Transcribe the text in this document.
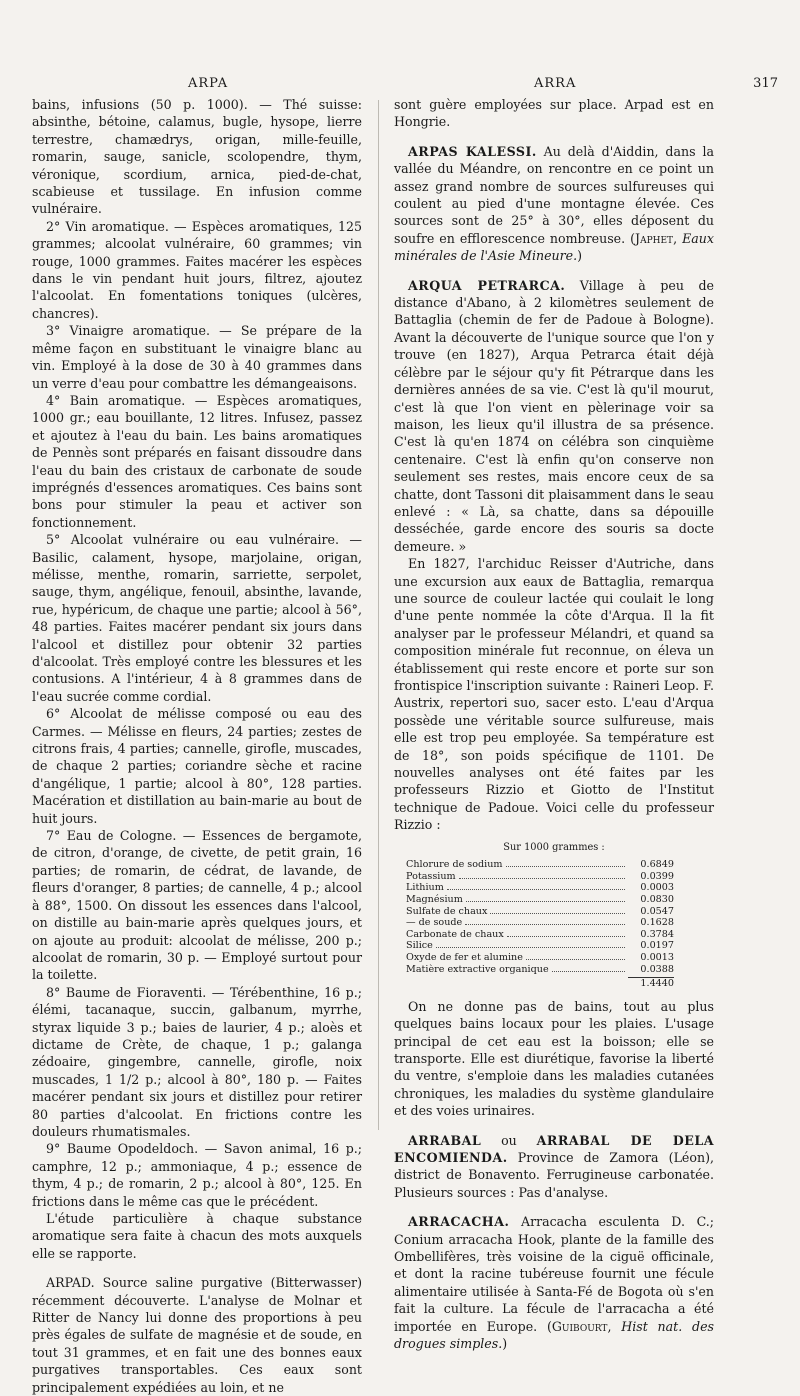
ARPA	ARRA	317

bains, infusions (50 p. 1000). — Thé suisse: absinthe, bétoine, calamus, bugle, hysope, lierre terrestre, chamædrys, origan, mille-feuille, romarin, sauge, sanicle, scolopendre, thym, véronique, scordium, arnica, pied-de-chat, scabieuse et tussilage. En infusion comme vulnéraire.

2° Vin aromatique. — Espèces aromatiques, 125 grammes; alcoolat vulnéraire, 60 grammes; vin rouge, 1000 grammes. Faites macérer les espèces dans le vin pendant huit jours, filtrez, ajoutez l'alcoolat. En fomentations toniques (ulcères, chancres).

3° Vinaigre aromatique. — Se prépare de la même façon en substituant le vinaigre blanc au vin. Employé à la dose de 30 à 40 grammes dans un verre d'eau pour combattre les démangeaisons.

4° Bain aromatique. — Espèces aromatiques, 1000 gr.; eau bouillante, 12 litres. Infusez, passez et ajoutez à l'eau du bain. Les bains aromatiques de Pennès sont préparés en faisant dissoudre dans l'eau du bain des cristaux de carbonate de soude imprégnés d'essences aromatiques. Ces bains sont bons pour stimuler la peau et activer son fonctionnement.

5° Alcoolat vulnéraire ou eau vulnéraire. — Basilic, calament, hysope, marjolaine, origan, mélisse, menthe, romarin, sarriette, serpolet, sauge, thym, angélique, fenouil, absinthe, lavande, rue, hypéricum, de chaque une partie; alcool à 56°, 48 parties. Faites macérer pendant six jours dans l'alcool et distillez pour obtenir 32 parties d'alcoolat. Très employé contre les blessures et les contusions. A l'intérieur, 4 à 8 grammes dans de l'eau sucrée comme cordial.

6° Alcoolat de mélisse composé ou eau des Carmes. — Mélisse en fleurs, 24 parties; zestes de citrons frais, 4 parties; cannelle, girofle, muscades, de chaque 2 parties; coriandre sèche et racine d'angélique, 1 partie; alcool à 80°, 128 parties. Macération et distillation au bain-marie au bout de huit jours.

7° Eau de Cologne. — Essences de bergamote, de citron, d'orange, de civette, de petit grain, 16 parties; de romarin, de cédrat, de lavande, de fleurs d'oranger, 8 parties; de cannelle, 4 p.; alcool à 88°, 1500. On dissout les essences dans l'alcool, on distille au bain-marie après quelques jours, et on ajoute au produit: alcoolat de mélisse, 200 p.; alcoolat de romarin, 30 p. — Employé surtout pour la toilette.

8° Baume de Fioraventi. — Térébenthine, 16 p.; élémi, tacanaque, succin, galbanum, myrrhe, styrax liquide 3 p.; baies de laurier, 4 p.; aloès et dictame de Crète, de chaque, 1 p.; galanga zédoaire, gingembre, cannelle, girofle, noix muscades, 1 1/2 p.; alcool à 80°, 180 p. — Faites macérer pendant six jours et distillez pour retirer 80 parties d'alcoolat. En frictions contre les douleurs rhumatismales.

9° Baume Opodeldoch. — Savon animal, 16 p.; camphre, 12 p.; ammoniaque, 4 p.; essence de thym, 4 p.; de romarin, 2 p.; alcool à 80°, 125. En frictions dans le même cas que le précédent.

L'étude particulière à chaque substance aromatique sera faite à chacun des mots auxquels elle se rapporte.

ARPAD. Source saline purgative (Bitterwasser) récemment découverte. L'analyse de Molnar et Ritter de Nancy lui donne des proportions à peu près égales de sulfate de magnésie et de soude, en tout 31 grammes, et en fait une des bonnes eaux purgatives transportables. Ces eaux sont principalement expédiées au loin, et ne

sont guère employées sur place. Arpad est en Hongrie.

ARPAS KALESSI. Au delà d'Aiddin, dans la vallée du Méandre, on rencontre en ce point un assez grand nombre de sources sulfureuses qui coulent au pied d'une montagne élevée. Ces sources sont de 25° à 30°, elles déposent du soufre en efflorescence nombreuse. (Japhet, Eaux minérales de l'Asie Mineure.)

ARQUA PETRARCA. Village à peu de distance d'Abano, à 2 kilomètres seulement de Battaglia (chemin de fer de Padoue à Bologne). Avant la découverte de l'unique source que l'on y trouve (en 1827), Arqua Petrarca était déjà célèbre par le séjour qu'y fit Pétrarque dans les dernières années de sa vie. C'est là qu'il mourut, c'est là que l'on vient en pèlerinage voir sa maison, les lieux qu'il illustra de sa présence. C'est là qu'en 1874 on célébra son cinquième centenaire. C'est là enfin qu'on conserve non seulement ses restes, mais encore ceux de sa chatte, dont Tassoni dit plaisamment dans le seau enlevé : « Là, sa chatte, dans sa dépouille desséchée, garde encore des souris sa docte demeure. »

En 1827, l'archiduc Reisser d'Autriche, dans une excursion aux eaux de Battaglia, remarqua une source de couleur lactée qui coulait le long d'une pente nommée la côte d'Arqua. Il la fit analyser par le professeur Mélandri, et quand sa composition minérale fut reconnue, on éleva un établissement qui reste encore et porte sur son frontispice l'inscription suivante : Raineri Leop. F. Austrix, repertori suo, sacer esto. L'eau d'Arqua possède une véritable source sulfureuse, mais elle est trop peu employée. Sa température est de 18°, son poids spécifique de 1101. De nouvelles analyses ont été faites par les professeurs Rizzio et Giotto de l'Institut technique de Padoue. Voici celle du professeur Rizzio :

Sur 1000 grammes :
Chlorure de sodium	0.6849
Potassium	0.0399
Lithium	0.0003
Magnésium	0.0830
Sulfate de chaux	0.0547
— de soude	0.1628
Carbonate de chaux	0.3784
Silice	0.0197
Oxyde de fer et alumine	0.0013
Matière extractive organique	0.0388
1.4440

On ne donne pas de bains, tout au plus quelques bains locaux pour les plaies. L'usage principal de cet eau est la boisson; elle se transporte. Elle est diurétique, favorise la liberté du ventre, s'emploie dans les maladies cutanées chroniques, les maladies du système glandulaire et des voies urinaires.

ARRABAL ou ARRABAL DE DELA ENCOMIENDA. Province de Zamora (Léon), district de Bonavento. Ferrugineuse carbonatée. Plusieurs sources : Pas d'analyse.

ARRACACHA. Arracacha esculenta D. C.; Conium arracacha Hook, plante de la famille des Ombellifères, très voisine de la ciguë officinale, et dont la racine tubéreuse fournit une fécule alimentaire utilisée à Santa-Fé de Bogota où s'en fait la culture. La fécule de l'arracacha a été importée en Europe. (Guibourt, Hist nat. des drogues simples.)
